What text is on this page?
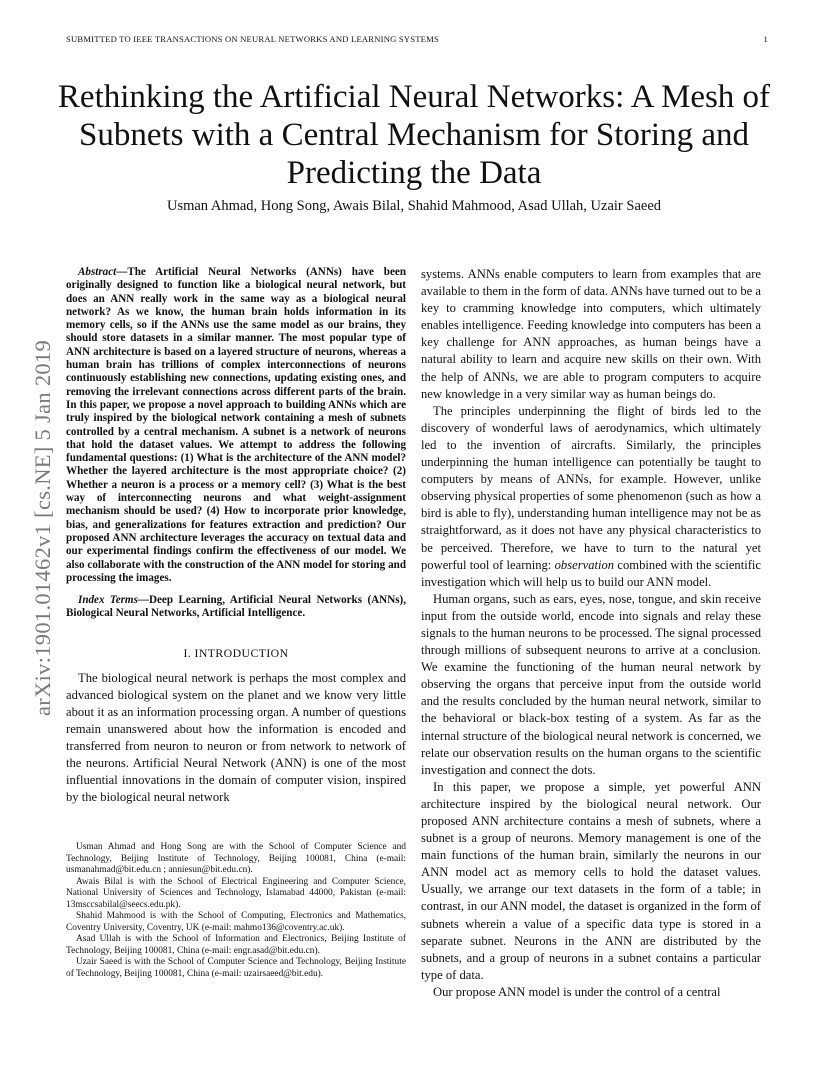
SUBMITTED TO IEEE TRANSACTIONS ON NEURAL NETWORKS AND LEARNING SYSTEMS	1
Rethinking the Artificial Neural Networks: A Mesh of Subnets with a Central Mechanism for Storing and Predicting the Data
Usman Ahmad, Hong Song, Awais Bilal, Shahid Mahmood, Asad Ullah, Uzair Saeed
arXiv:1901.01462v1 [cs.NE] 5 Jan 2019

Abstract—The Artificial Neural Networks (ANNs) have been originally designed to function like a biological neural network, but does an ANN really work in the same way as a biological neural network? As we know, the human brain holds information in its memory cells, so if the ANNs use the same model as our brains, they should store datasets in a similar manner. The most popular type of ANN architecture is based on a layered structure of neurons, whereas a human brain has trillions of complex interconnections of neurons continuously establishing new connections, updating existing ones, and removing the irrelevant connections across different parts of the brain. In this paper, we propose a novel approach to building ANNs which are truly inspired by the biological network containing a mesh of subnets controlled by a central mechanism. A subnet is a network of neurons that hold the dataset values. We attempt to address the following fundamental questions: (1) What is the architecture of the ANN model? Whether the layered architecture is the most appropriate choice? (2) Whether a neuron is a process or a memory cell? (3) What is the best way of interconnecting neurons and what weight-assignment mechanism should be used? (4) How to incorporate prior knowledge, bias, and generalizations for features extraction and prediction? Our proposed ANN architecture leverages the accuracy on textual data and our experimental findings confirm the effectiveness of our model. We also collaborate with the construction of the ANN model for storing and processing the images.

Index Terms—Deep Learning, Artificial Neural Networks (ANNs), Biological Neural Networks, Artificial Intelligence.

I. INTRODUCTION

The biological neural network is perhaps the most complex and advanced biological system on the planet and we know very little about it as an information processing organ. A number of questions remain unanswered about how the information is encoded and transferred from neuron to neuron or from network to network of the neurons. Artificial Neural Network (ANN) is one of the most influential innovations in the domain of computer vision, inspired by the biological neural network

Usman Ahmad and Hong Song are with the School of Computer Science and Technology, Beijing Institute of Technology, Beijing 100081, China (e-mail: usmanahmad@bit.edu.cn ; anniesun@bit.edu.cn).

Awais Bilal is with the School of Electrical Engineering and Computer Science, National University of Sciences and Technology, Islamabad 44000, Pakistan (e-mail: 13msccsabilal@seecs.edu.pk).

Shahid Mahmood is with the School of Computing, Electronics and Mathematics, Coventry University, Coventry, UK (e-mail: mahmo136@coventry.ac.uk).

Asad Ullah is with the School of Information and Electronics, Beijing Institute of Technology, Beijing 100081, China (e-mail: engr.asad@bit.edu.cn).

Uzair Saeed is with the School of Computer Science and Technology, Beijing Institute of Technology, Beijing 100081, China (e-mail: uzairsaeed@bit.edu).

systems. ANNs enable computers to learn from examples that are available to them in the form of data. ANNs have turned out to be a key to cramming knowledge into computers, which ultimately enables intelligence. Feeding knowledge into computers has been a key challenge for ANN approaches, as human beings have a natural ability to learn and acquire new skills on their own. With the help of ANNs, we are able to program computers to acquire new knowledge in a very similar way as human beings do.

The principles underpinning the flight of birds led to the discovery of wonderful laws of aerodynamics, which ultimately led to the invention of aircrafts. Similarly, the principles underpinning the human intelligence can potentially be taught to computers by means of ANNs, for example. However, unlike observing physical properties of some phenomenon (such as how a bird is able to fly), understanding human intelligence may not be as straightforward, as it does not have any physical characteristics to be perceived. Therefore, we have to turn to the natural yet powerful tool of learning: observation combined with the scientific investigation which will help us to build our ANN model.

Human organs, such as ears, eyes, nose, tongue, and skin receive input from the outside world, encode into signals and relay these signals to the human neurons to be processed. The signal processed through millions of subsequent neurons to arrive at a conclusion. We examine the functioning of the human neural network by observing the organs that perceive input from the outside world and the results concluded by the human neural network, similar to the behavioral or black-box testing of a system. As far as the internal structure of the biological neural network is concerned, we relate our observation results on the human organs to the scientific investigation and connect the dots.

In this paper, we propose a simple, yet powerful ANN architecture inspired by the biological neural network. Our proposed ANN architecture contains a mesh of subnets, where a subnet is a group of neurons. Memory management is one of the main functions of the human brain, similarly the neurons in our ANN model act as memory cells to hold the dataset values. Usually, we arrange our text datasets in the form of a table; in contrast, in our ANN model, the dataset is organized in the form of subnets wherein a value of a specific data type is stored in a separate subnet. Neurons in the ANN are distributed by the subnets, and a group of neurons in a subnet contains a particular type of data.

Our propose ANN model is under the control of a central
